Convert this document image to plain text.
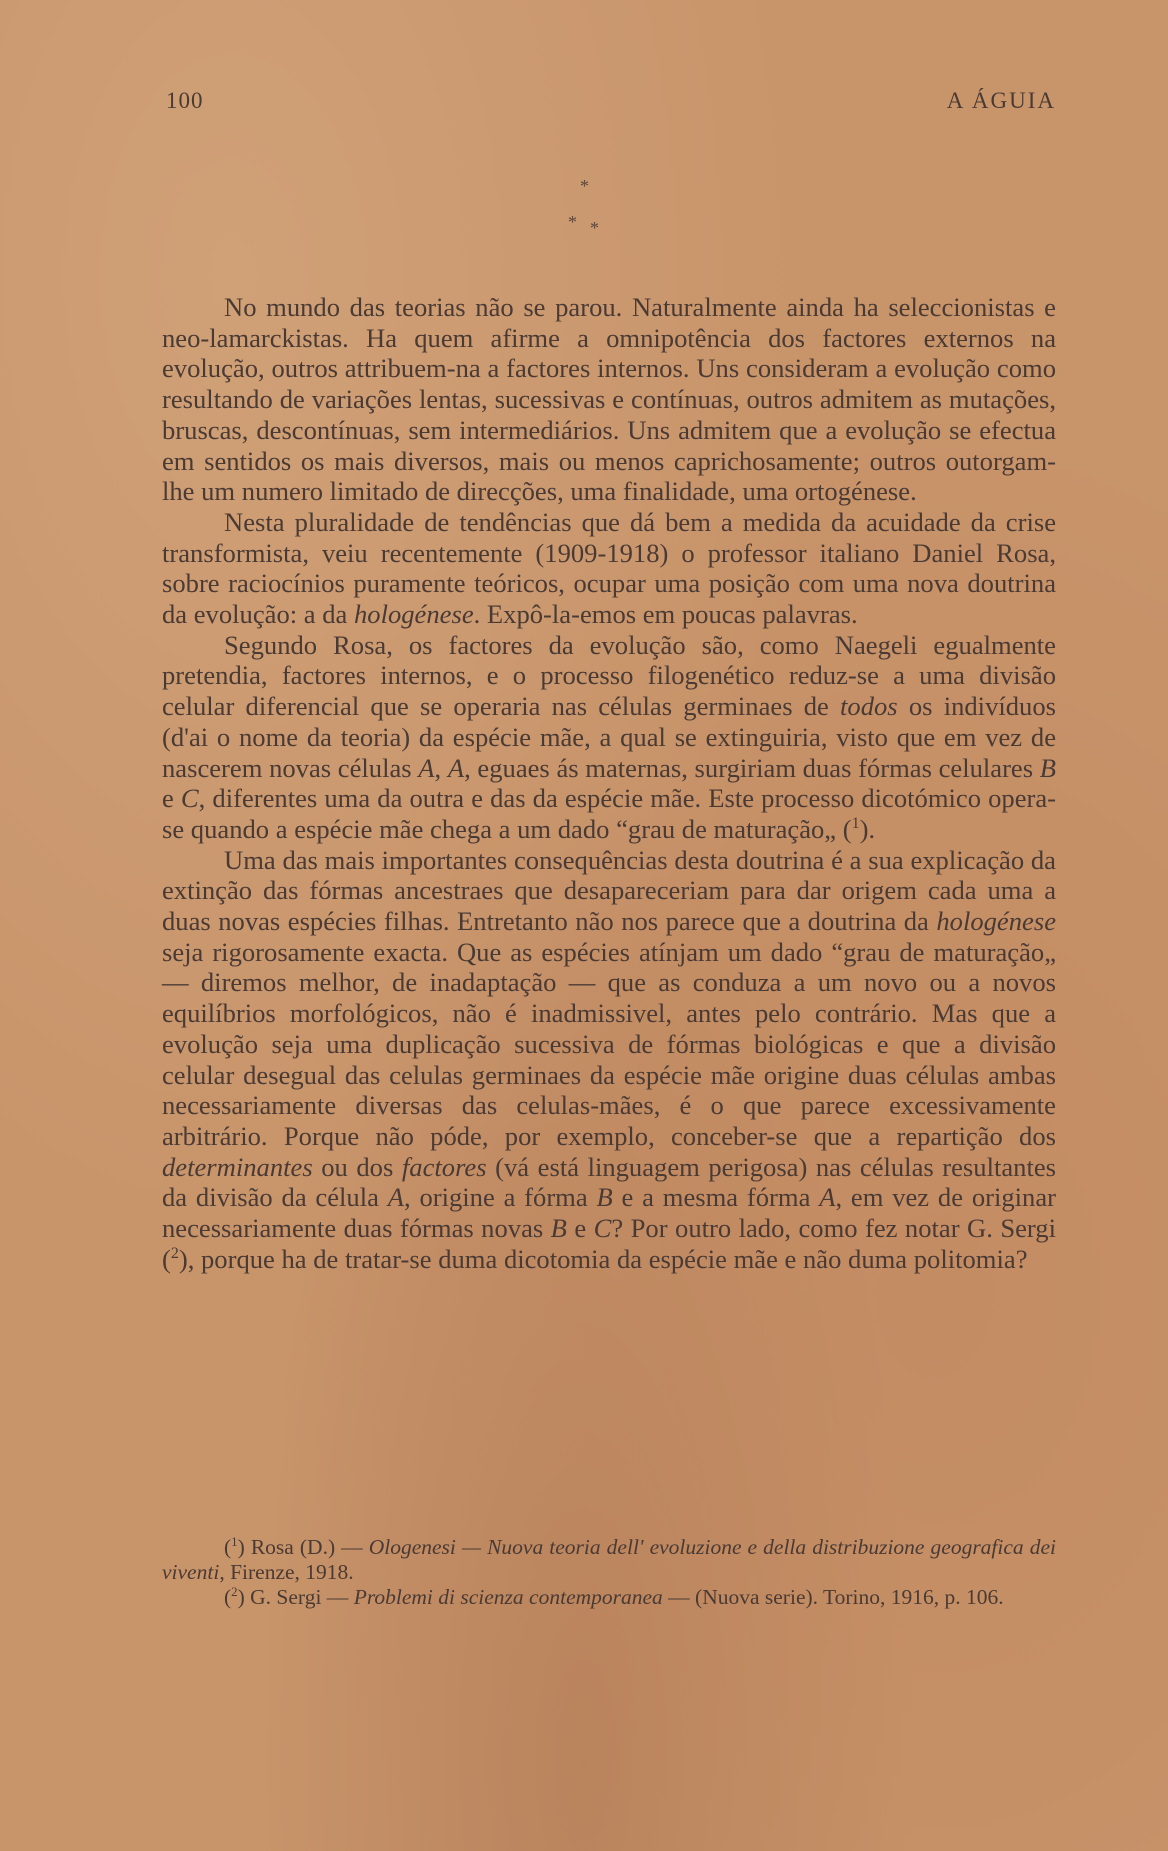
100	A ÁGUIA
*
* *

No mundo das teorias não se parou. Naturalmente ainda ha seleccionistas e neo-lamarckistas. Ha quem afirme a omnipotência dos factores externos na evolução, outros attribuem-na a factores internos. Uns consideram a evolução como resultando de variações lentas, sucessivas e contínuas, outros admitem as mutações, bruscas, descontínuas, sem intermediários. Uns admitem que a evolução se efectua em sentidos os mais diversos, mais ou menos caprichosamente; outros outorgam-lhe um numero limitado de direcções, uma finalidade, uma ortogénese.

Nesta pluralidade de tendências que dá bem a medida da acuidade da crise transformista, veiu recentemente (1909-1918) o professor italiano Daniel Rosa, sobre raciocínios puramente teóricos, ocupar uma posição com uma nova doutrina da evolução: a da hologénese. Expô-la-emos em poucas palavras.

Segundo Rosa, os factores da evolução são, como Naegeli egualmente pretendia, factores internos, e o processo filogenético reduz-se a uma divisão celular diferencial que se operaria nas células germinaes de todos os indivíduos (d'ai o nome da teoria) da espécie mãe, a qual se extinguiria, visto que em vez de nascerem novas células A, A, eguaes ás maternas, surgiriam duas fórmas celulares B e C, diferentes uma da outra e das da espécie mãe. Este processo dicotómico opera-se quando a espécie mãe chega a um dado “grau de maturação„ ($^1$).

Uma das mais importantes consequências desta doutrina é a sua explicação da extinção das fórmas ancestraes que desapareceriam para dar origem cada uma a duas novas espécies filhas. Entretanto não nos parece que a doutrina da hologénese seja rigorosamente exacta. Que as espécies atínjam um dado “grau de maturação„ — diremos melhor, de inadaptação — que as conduza a um novo ou a novos equilíbrios morfológicos, não é inadmissivel, antes pelo contrário. Mas que a evolução seja uma duplicação sucessiva de fórmas biológicas e que a divisão celular desegual das celulas germinaes da espécie mãe origine duas células ambas necessariamente diversas das celulas-mães, é o que parece excessivamente arbitrário. Porque não póde, por exemplo, conceber-se que a repartição dos determinantes ou dos factores (vá está linguagem perigosa) nas células resultantes da divisão da célula A, origine a fórma B e a mesma fórma A, em vez de originar necessariamente duas fórmas novas B e C? Por outro lado, como fez notar G. Sergi ($^2$), porque ha de tratar-se duma dicotomia da espécie mãe e não duma politomia?

($^1$) Rosa (D.) — Ologenesi — Nuova teoria dell' evoluzione e della distribuzione geografica dei viventi, Firenze, 1918.

($^2$) G. Sergi — Problemi di scienza contemporanea — (Nuova serie). Torino, 1916, p. 106.
